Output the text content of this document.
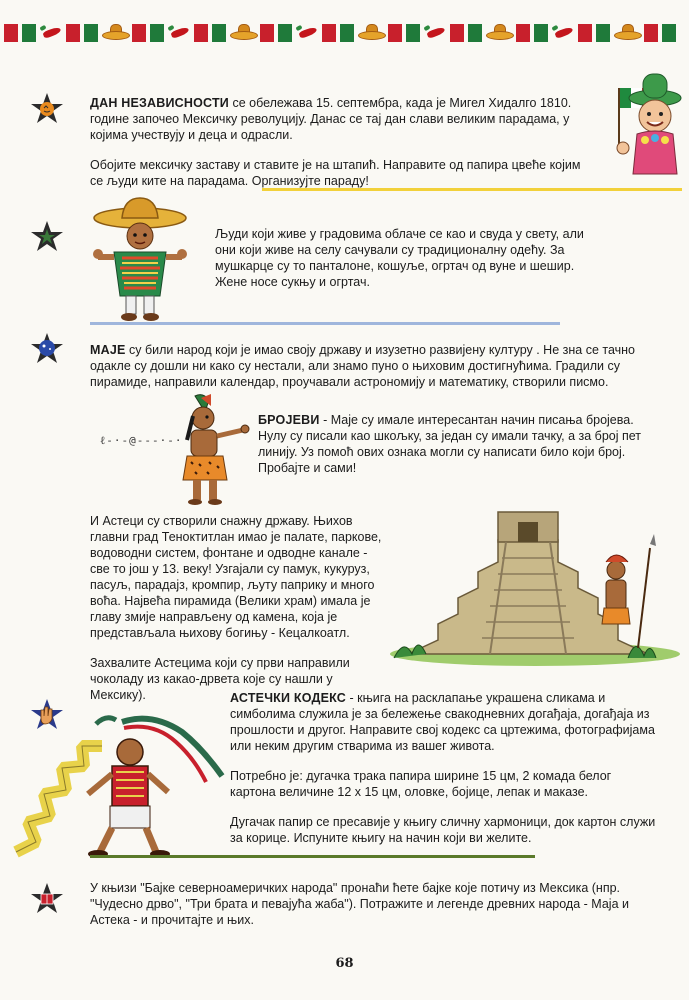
ДАН НЕЗАВИСНОСТИ се обележава 15. септембра, када је Мигел Хидалго 1810. године започео Мексичку револуцију. Данас се тај дан слави великим парадама, у којима учествују и деца и одрасли.

Обојите мексичку заставу и ставите је на штапић. Направите од папира цвеће којим се људи ките на парадама. Организујте параду!

Људи који живе у градовима облаче се као и свуда у свету, али они који живе на селу сачували су традиционалну одећу. За мушкарце су то панталоне, кошуље, огртач од вуне и шешир. Жене носе сукњу и огртач.

МАЈЕ су били народ који је имао своју државу и изузетно развијену културу . Не зна се тачно одакле су дошли ни како су нестали, али знамо пуно о њиховим достигнућима. Градили су пирамиде, направили календар, проучавали астрономију и математику, створили писмо.

ℓ-·-@---·-·

БРОЈЕВИ - Маје су имале интересантан начин писања бројева. Нулу су писали као шкољку, за један су имали тачку, а за број пет линију. Уз помоћ ових ознака могли су написати било који број. Пробајте и сами!

И Астеци су створили снажну државу. Њихов главни град Теноктитлан имао је палате, паркове, водоводни систем, фонтане и одводне канале - све то још у 13. веку! Узгајали су памук, кукуруз, пасуљ, парадајз, кромпир, љуту паприку и много воћа. Највећа пирамида (Велики храм) имала је главу змије направљену од камена, која је представљала њихову богињу - Кецалкоатл.

Захвалите Астецима који су први направили чоколаду из какао-дрвета које су нашли у Мексику).	АСТЕЧКИ КОДЕКС - књига на расклапање украшена сликама и симболима служила је за бележење свакодневних догађаја, догађаја из прошлости и другог. Направите свој кодекс са цртежима, фотографијама или неким другим стварима из вашег живота.

Потребно је: дугачка трака папира ширине 15 цм, 2 комада белог картона величине 12 x 15 цм, оловке, бојице, лепак и маказе.

Дугачак папир се пресавије у књигу сличну хармоници, док картон служи за корице. Испуните књигу на начин који ви желите.

У књизи "Бајке северноамеричких народа" пронаћи ћете бајке које потичу из Мексика (нпр. "Чудесно дрво", "Три брата и певајућа жаба"). Потражите и легенде древних народа - Маја и Астека - и прочитајте и њих.

68
